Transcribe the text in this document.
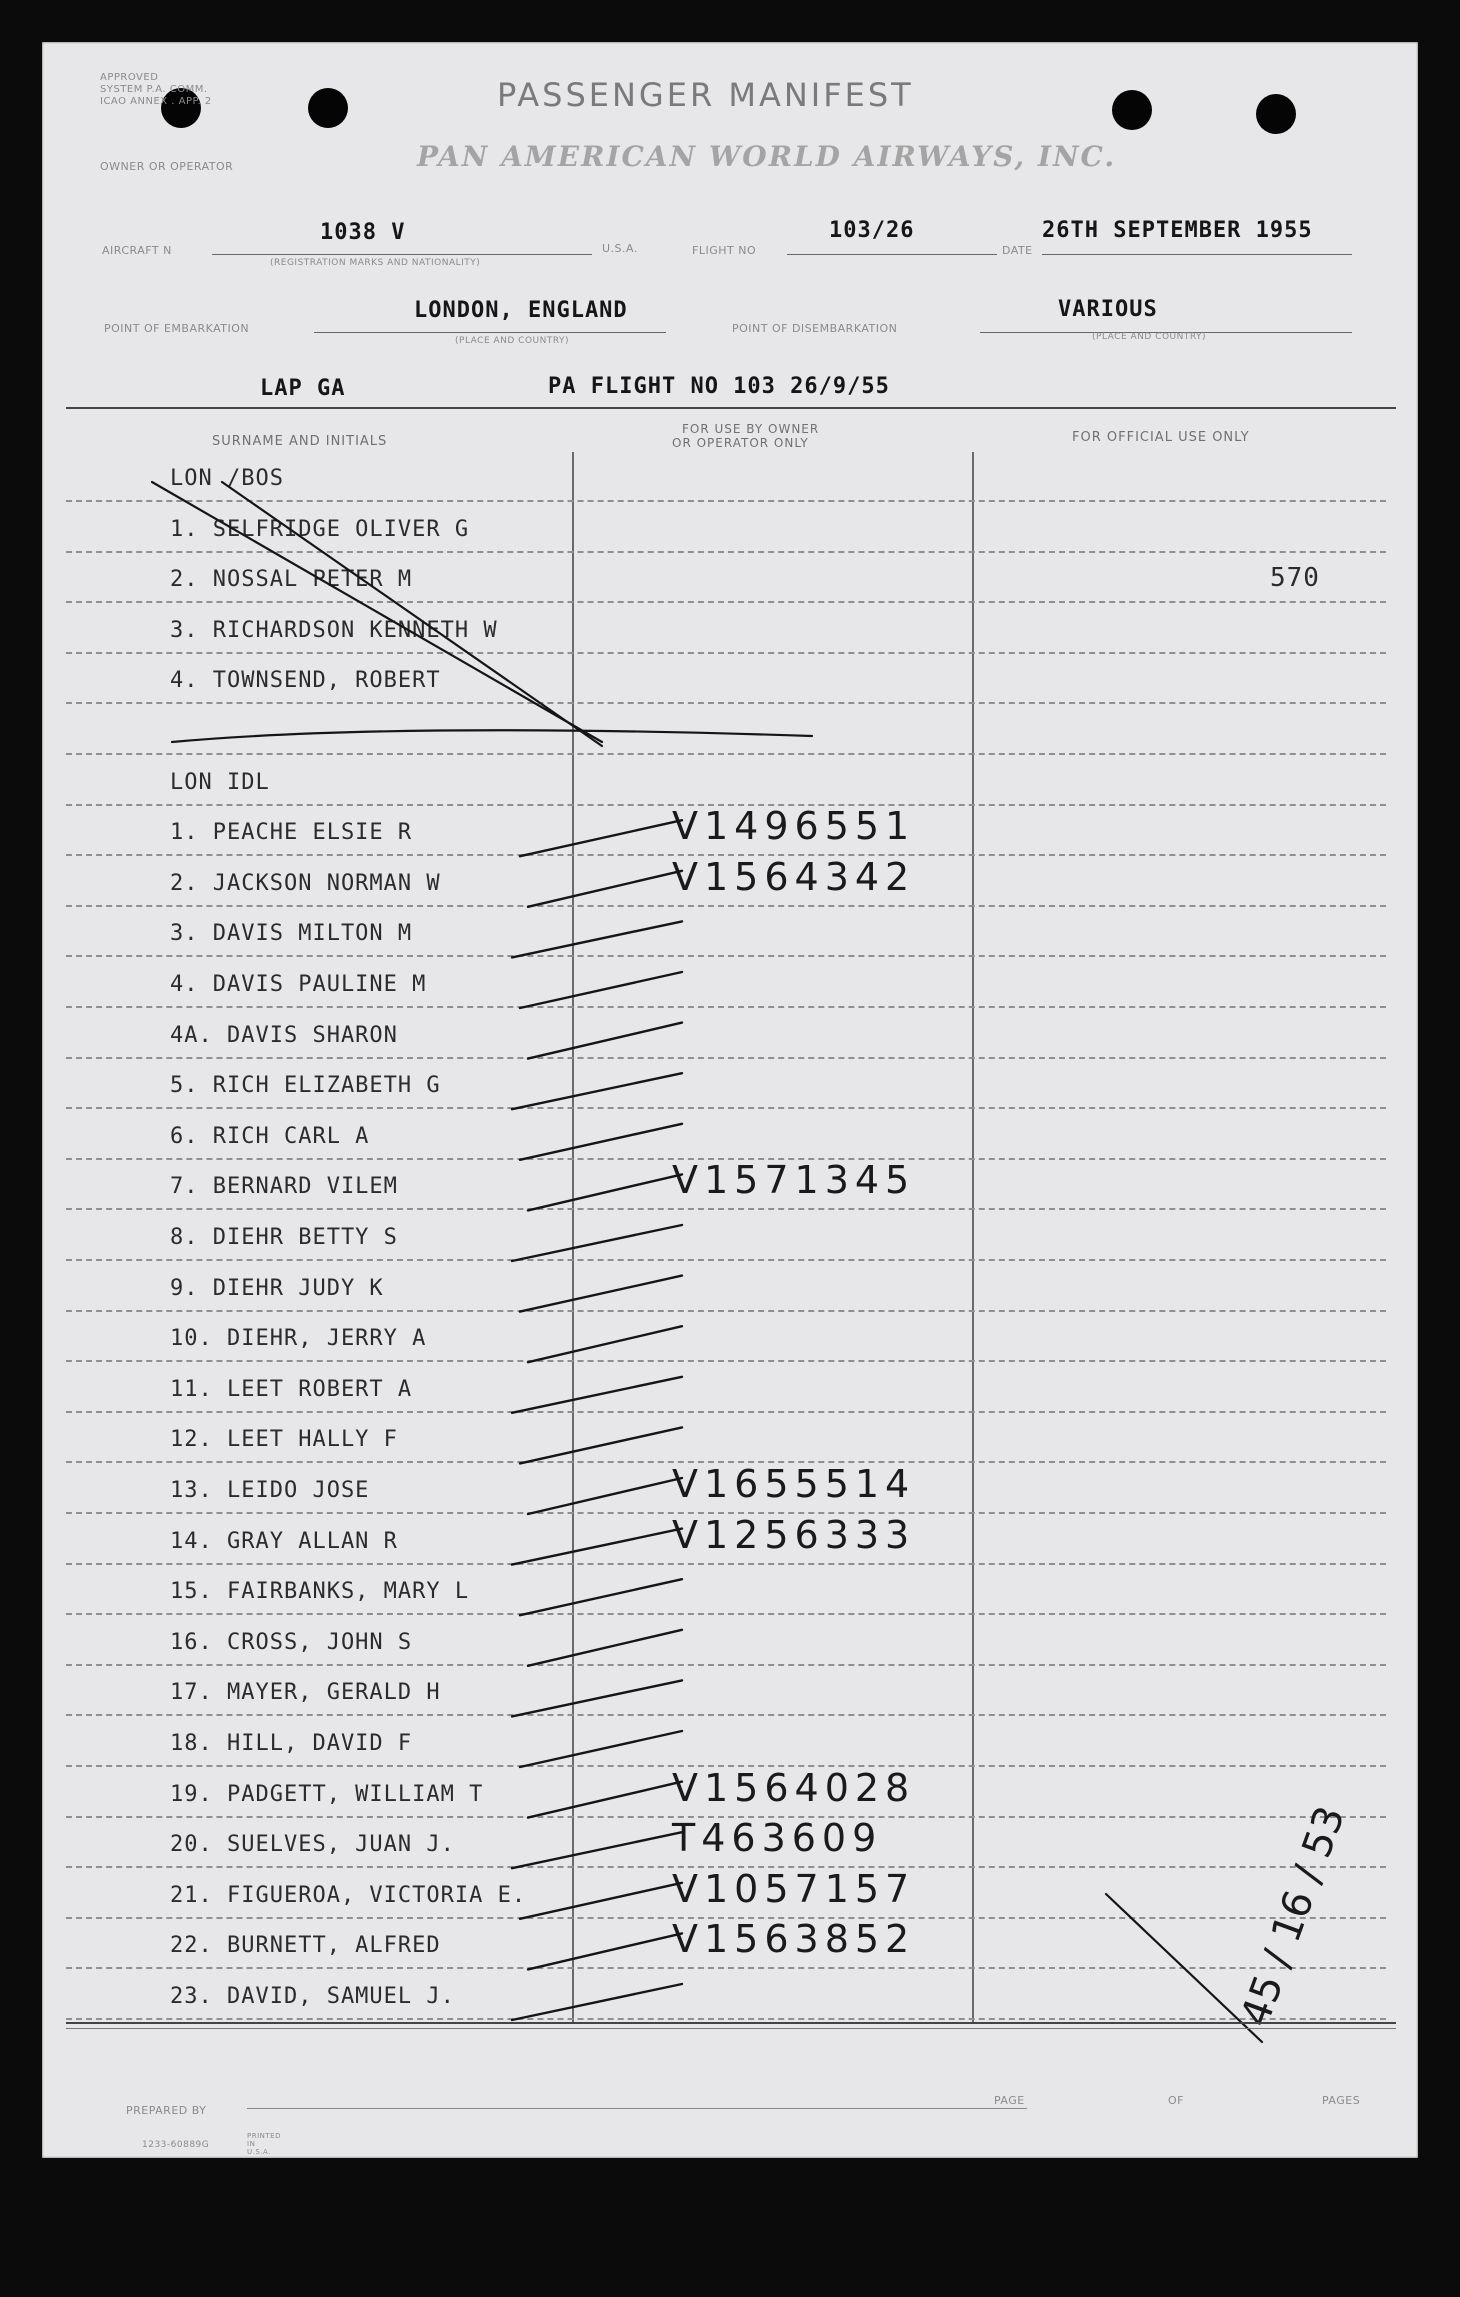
APPROVED
SYSTEM P.A. COMM.
ICAO ANNEX . APP. 2	PASSENGER MANIFEST
OWNER OR OPERATOR	PAN AMERICAN WORLD AIRWAYS, INC.
AIRCRAFT N
1038 V
(REGISTRATION MARKS AND NATIONALITY)
U.S.A.	FLIGHT NO
103/26
DATE
26TH SEPTEMBER 1955
POINT OF EMBARKATION
LONDON, ENGLAND
(PLACE AND COUNTRY)
POINT OF DISEMBARKATION
VARIOUS
(PLACE AND COUNTRY)
LAP GA	PA FLIGHT NO 103 26/9/55
SURNAME AND INITIALS
FOR USE BY OWNER
OR OPERATOR ONLY	FOR OFFICIAL USE ONLY
LON /BOS
1. SELFRIDGE OLIVER G
2. NOSSAL PETER M	570
3. RICHARDSON KENNETH W
4. TOWNSEND, ROBERT
LON IDL
1. PEACHE ELSIE R	V1496551
2. JACKSON NORMAN W	V1564342
3. DAVIS MILTON M
4. DAVIS PAULINE M
4A. DAVIS SHARON
5. RICH ELIZABETH G
6. RICH CARL A
7. BERNARD VILEM	V1571345
8. DIEHR BETTY S
9. DIEHR JUDY K
10. DIEHR, JERRY A
11. LEET ROBERT A
12. LEET HALLY F
13. LEIDO JOSE	V1655514
14. GRAY ALLAN R	V1256333
15. FAIRBANKS, MARY L
16. CROSS, JOHN S
17. MAYER, GERALD H
18. HILL, DAVID F
19. PADGETT, WILLIAM T	V1564028
20. SUELVES, JUAN J.	T463609
21. FIGUEROA, VICTORIA E.	V1057157
22. BURNETT, ALFRED	V1563852
23. DAVID, SAMUEL J.	45 / 16 / 53
PREPARED BY
PAGE	OF	PAGES
1233-60889G
PRINTED IN U.S.A.
